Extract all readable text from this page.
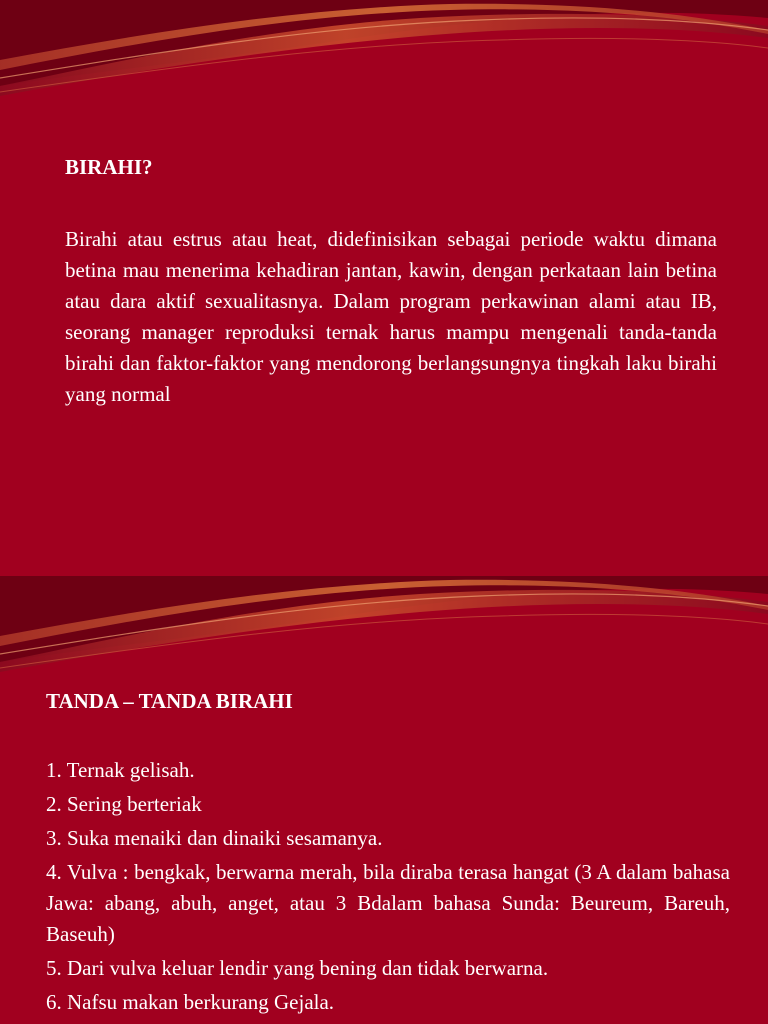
BIRAHI?

Birahi atau estrus atau heat, didefinisikan sebagai periode waktu dimana betina mau menerima kehadiran jantan, kawin, dengan perkataan lain betina atau dara aktif sexualitasnya. Dalam program perkawinan alami atau IB, seorang manager reproduksi ternak harus mampu mengenali tanda-tanda birahi dan faktor-faktor yang mendorong berlangsungnya tingkah laku birahi yang normal

TANDA – TANDA BIRAHI
1. Ternak gelisah.
2. Sering berteriak
3. Suka menaiki dan dinaiki sesamanya.
4. Vulva : bengkak, berwarna merah, bila diraba terasa hangat (3 A dalam bahasa Jawa: abang, abuh, anget, atau 3 Bdalam bahasa Sunda: Beureum, Bareuh, Baseuh)
5. Dari vulva keluar lendir yang bening dan tidak berwarna.
6. Nafsu makan berkurang Gejala.
